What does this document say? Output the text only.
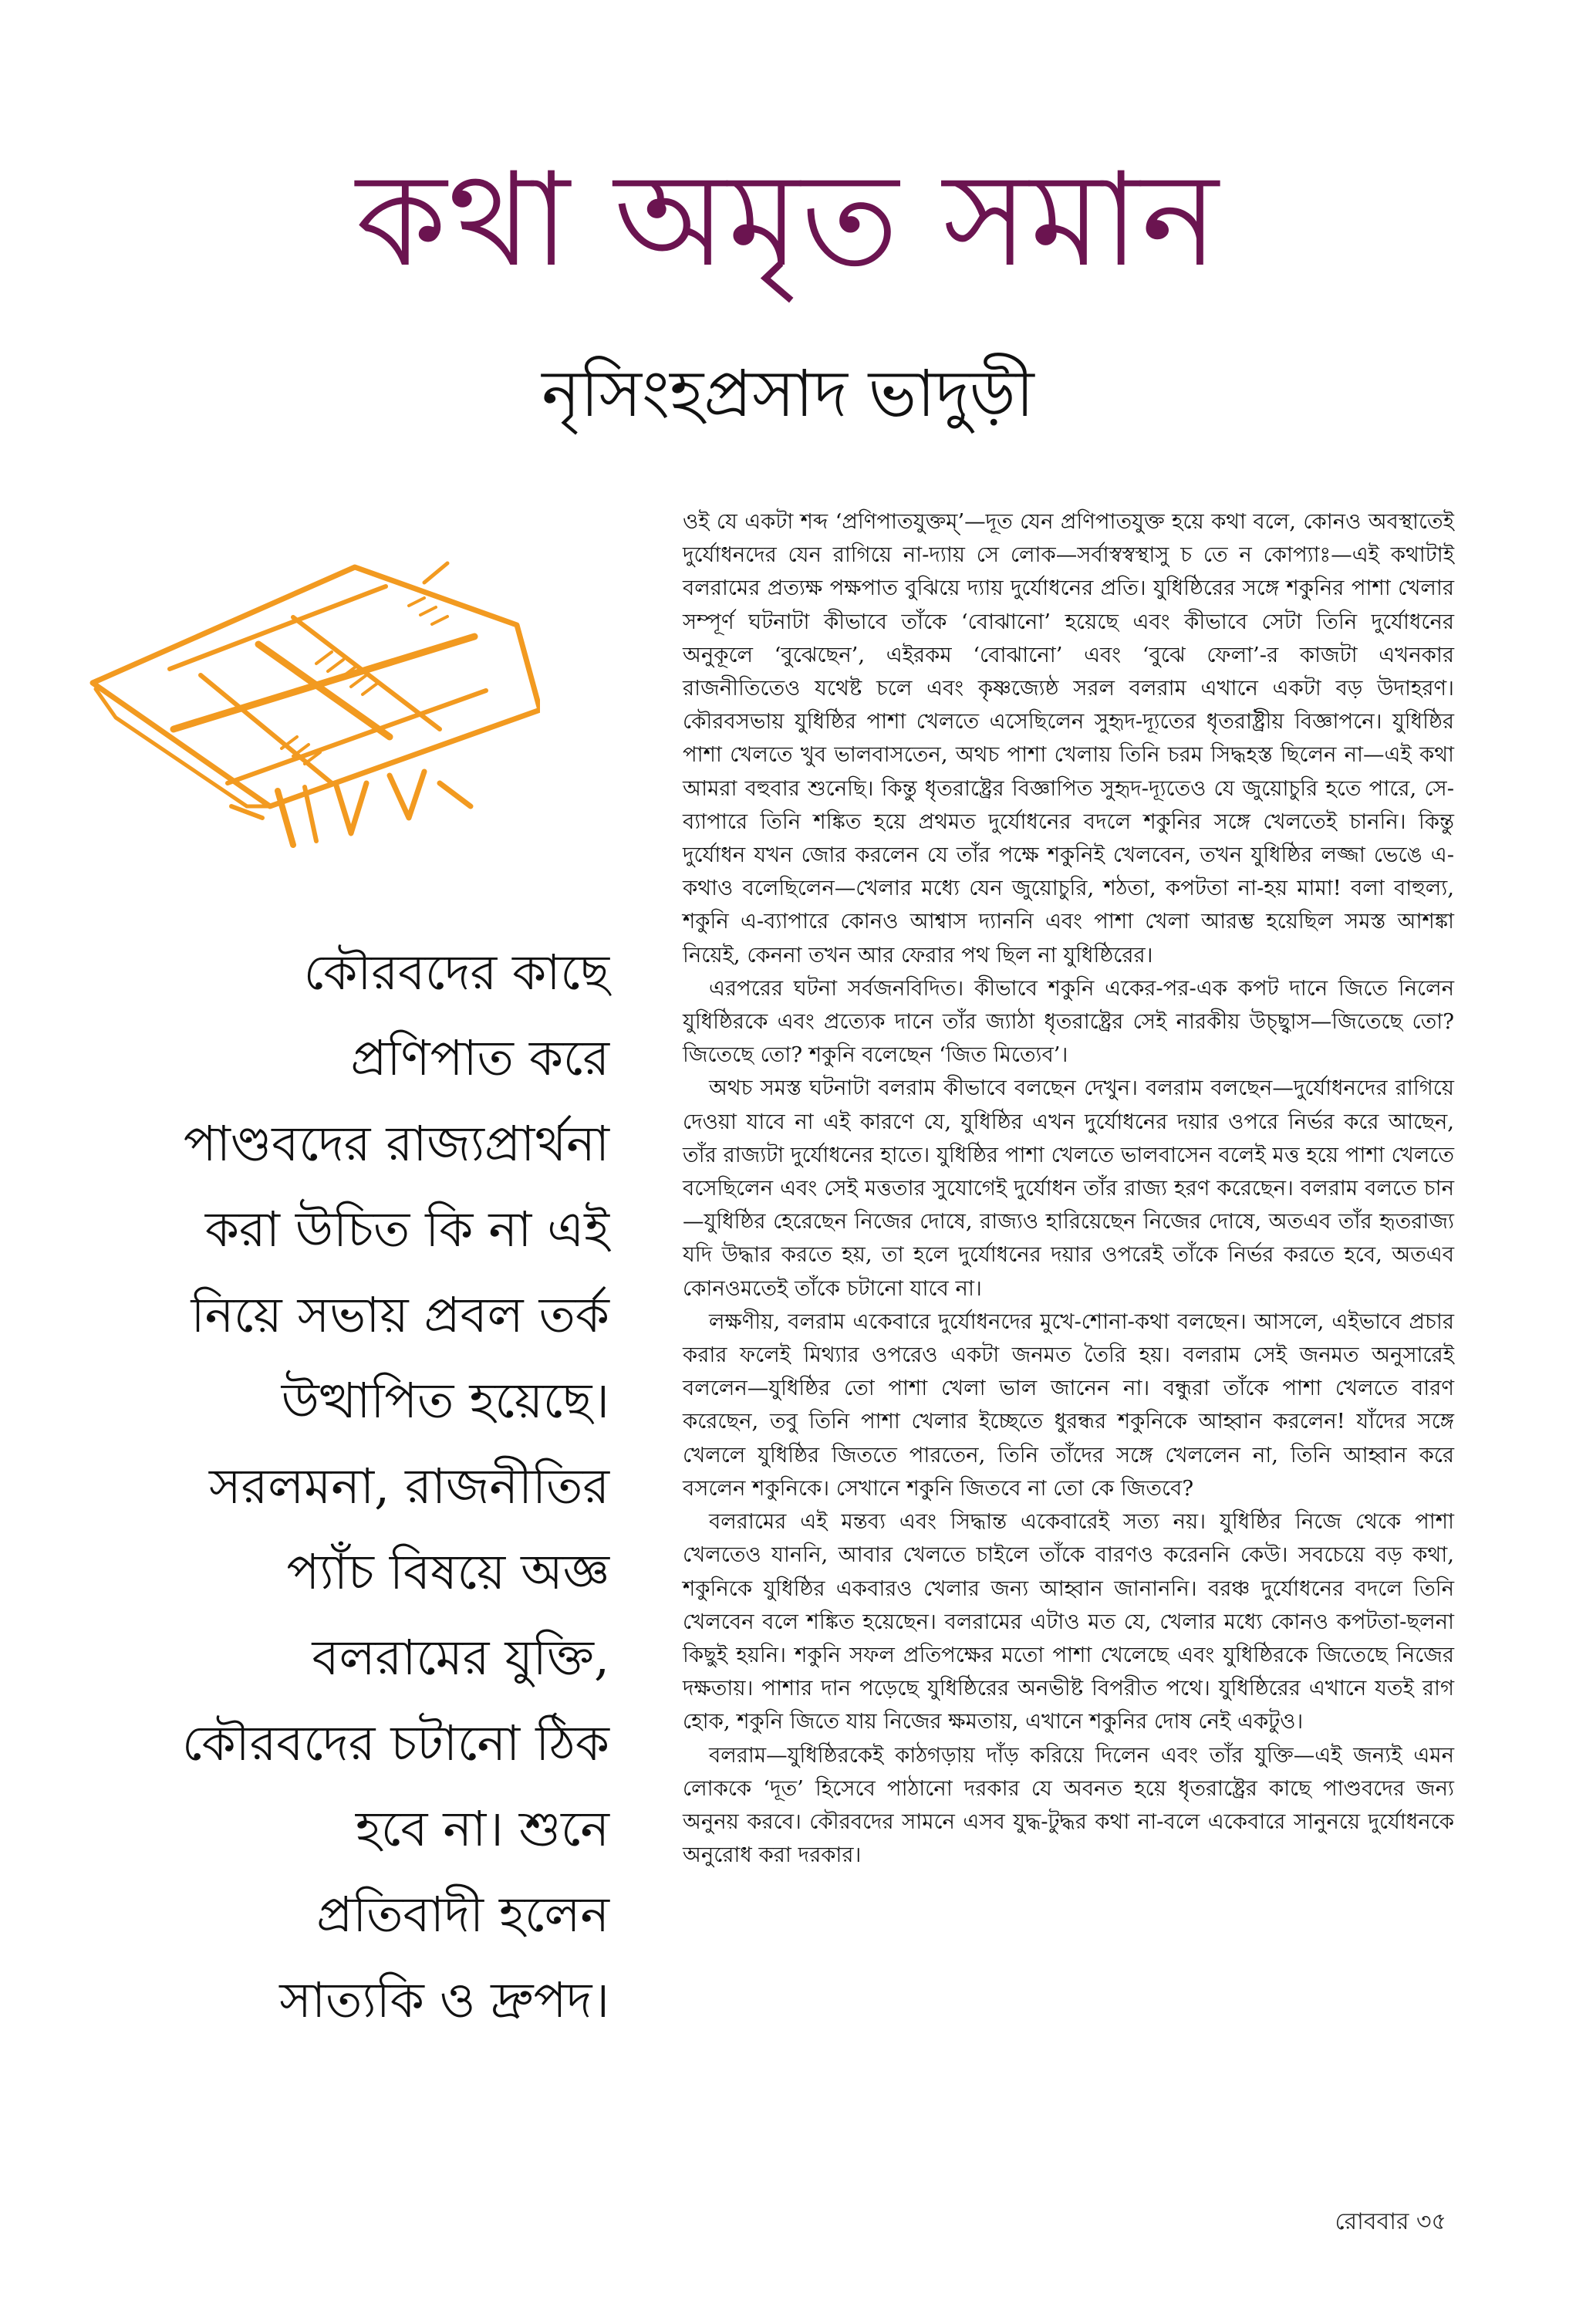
কথা অমৃত সমান
নৃসিংহপ্রসাদ ভাদুড়ী

কৌরবদের কাছে প্রণিপাত করে পাণ্ডবদের রাজ্যপ্রার্থনা করা উচিত কি না এই নিয়ে সভায় প্রবল তর্ক উত্থাপিত হয়েছে। সরলমনা, রাজনীতির প্যাঁচ বিষয়ে অজ্ঞ বলরামের যুক্তি, কৌরবদের চটানো ঠিক হবে না। শুনে প্রতিবাদী হলেন সাত্যকি ও দ্রুপদ।

ওই যে একটা শব্দ ‘প্রণিপাতযুক্তম্’—দূত যেন প্রণিপাতযুক্ত হয়ে কথা বলে, কোনও অবস্থাতেই দুর্যোধনদের যেন রাগিয়ে না-দ্যায় সে লোক—সর্বাস্বস্বস্থাসু চ তে ন কোপ্যাঃ—এই কথাটাই বলরামের প্রত্যক্ষ পক্ষপাত বুঝিয়ে দ্যায় দুর্যোধনের প্রতি। যুধিষ্ঠিরের সঙ্গে শকুনির পাশা খেলার সম্পূর্ণ ঘটনাটা কীভাবে তাঁকে ‘বোঝানো’ হয়েছে এবং কীভাবে সেটা তিনি দুর্যোধনের অনুকূলে ‘বুঝেছেন’, এইরকম ‘বোঝানো’ এবং ‘বুঝে ফেলা’-র কাজটা এখনকার রাজনীতিতেও যথেষ্ট চলে এবং কৃষ্ণজ্যেষ্ঠ সরল বলরাম এখানে একটা বড় উদাহরণ। কৌরবসভায় যুধিষ্ঠির পাশা খেলতে এসেছিলেন সুহৃদ-দ্যূতের ধৃতরাষ্ট্রীয় বিজ্ঞাপনে। যুধিষ্ঠির পাশা খেলতে খুব ভালবাসতেন, অথচ পাশা খেলায় তিনি চরম সিদ্ধহস্ত ছিলেন না—এই কথা আমরা বহুবার শুনেছি। কিন্তু ধৃতরাষ্ট্রের বিজ্ঞাপিত সুহৃদ-দ্যূতেও যে জুয়োচুরি হতে পারে, সে-ব্যাপারে তিনি শঙ্কিত হয়ে প্রথমত দুর্যোধনের বদলে শকুনির সঙ্গে খেলতেই চাননি। কিন্তু দুর্যোধন যখন জোর করলেন যে তাঁর পক্ষে শকুনিই খেলবেন, তখন যুধিষ্ঠির লজ্জা ভেঙে এ-কথাও বলেছিলেন—খেলার মধ্যে যেন জুয়োচুরি, শঠতা, কপটতা না-হয় মামা! বলা বাহুল্য, শকুনি এ-ব্যাপারে কোনও আশ্বাস দ্যাননি এবং পাশা খেলা আরম্ভ হয়েছিল সমস্ত আশঙ্কা নিয়েই, কেননা তখন আর ফেরার পথ ছিল না যুধিষ্ঠিরের।

এরপরের ঘটনা সর্বজনবিদিত। কীভাবে শকুনি একের-পর-এক কপট দানে জিতে নিলেন যুধিষ্ঠিরকে এবং প্রত্যেক দানে তাঁর জ্যাঠা ধৃতরাষ্ট্রের সেই নারকীয় উচ্ছ্বাস—জিতেছে তো? জিতেছে তো? শকুনি বলেছেন ‘জিত মিত্যেব’।

অথচ সমস্ত ঘটনাটা বলরাম কীভাবে বলছেন দেখুন। বলরাম বলছেন—দুর্যোধনদের রাগিয়ে দেওয়া যাবে না এই কারণে যে, যুধিষ্ঠির এখন দুর্যোধনের দয়ার ওপরে নির্ভর করে আছেন, তাঁর রাজ্যটা দুর্যোধনের হাতে। যুধিষ্ঠির পাশা খেলতে ভালবাসেন বলেই মত্ত হয়ে পাশা খেলতে বসেছিলেন এবং সেই মত্ততার সুযোগেই দুর্যোধন তাঁর রাজ্য হরণ করেছেন। বলরাম বলতে চান—যুধিষ্ঠির হেরেছেন নিজের দোষে, রাজ্যও হারিয়েছেন নিজের দোষে, অতএব তাঁর হৃতরাজ্য যদি উদ্ধার করতে হয়, তা হলে দুর্যোধনের দয়ার ওপরেই তাঁকে নির্ভর করতে হবে, অতএব কোনওমতেই তাঁকে চটানো যাবে না।

লক্ষণীয়, বলরাম একেবারে দুর্যোধনদের মুখে-শোনা-কথা বলছেন। আসলে, এইভাবে প্রচার করার ফলেই মিথ্যার ওপরেও একটা জনমত তৈরি হয়। বলরাম সেই জনমত অনুসারেই বললেন—যুধিষ্ঠির তো পাশা খেলা ভাল জানেন না। বন্ধুরা তাঁকে পাশা খেলতে বারণ করেছেন, তবু তিনি পাশা খেলার ইচ্ছেতে ধুরন্ধর শকুনিকে আহ্বান করলেন! যাঁদের সঙ্গে খেললে যুধিষ্ঠির জিততে পারতেন, তিনি তাঁদের সঙ্গে খেললেন না, তিনি আহ্বান করে বসলেন শকুনিকে। সেখানে শকুনি জিতবে না তো কে জিতবে?

বলরামের এই মন্তব্য এবং সিদ্ধান্ত একেবারেই সত্য নয়। যুধিষ্ঠির নিজে থেকে পাশা খেলতেও যাননি, আবার খেলতে চাইলে তাঁকে বারণও করেননি কেউ। সবচেয়ে বড় কথা, শকুনিকে যুধিষ্ঠির একবারও খেলার জন্য আহ্বান জানাননি। বরঞ্চ দুর্যোধনের বদলে তিনি খেলবেন বলে শঙ্কিত হয়েছেন। বলরামের এটাও মত যে, খেলার মধ্যে কোনও কপটতা-ছলনা কিছুই হয়নি। শকুনি সফল প্রতিপক্ষের মতো পাশা খেলেছে এবং যুধিষ্ঠিরকে জিতেছে নিজের দক্ষতায়। পাশার দান পড়েছে যুধিষ্ঠিরের অনভীষ্ট বিপরীত পথে। যুধিষ্ঠিরের এখানে যতই রাগ হোক, শকুনি জিতে যায় নিজের ক্ষমতায়, এখানে শকুনির দোষ নেই একটুও।

বলরাম—যুধিষ্ঠিরকেই কাঠগড়ায় দাঁড় করিয়ে দিলেন এবং তাঁর যুক্তি—এই জন্যই এমন লোককে ‘দূত’ হিসেবে পাঠানো দরকার যে অবনত হয়ে ধৃতরাষ্ট্রের কাছে পাণ্ডবদের জন্য অনুনয় করবে। কৌরবদের সামনে এসব যুদ্ধ-টুদ্ধর কথা না-বলে একেবারে সানুনয়ে দুর্যোধনকে অনুরোধ করা দরকার।

রোববার ৩৫
